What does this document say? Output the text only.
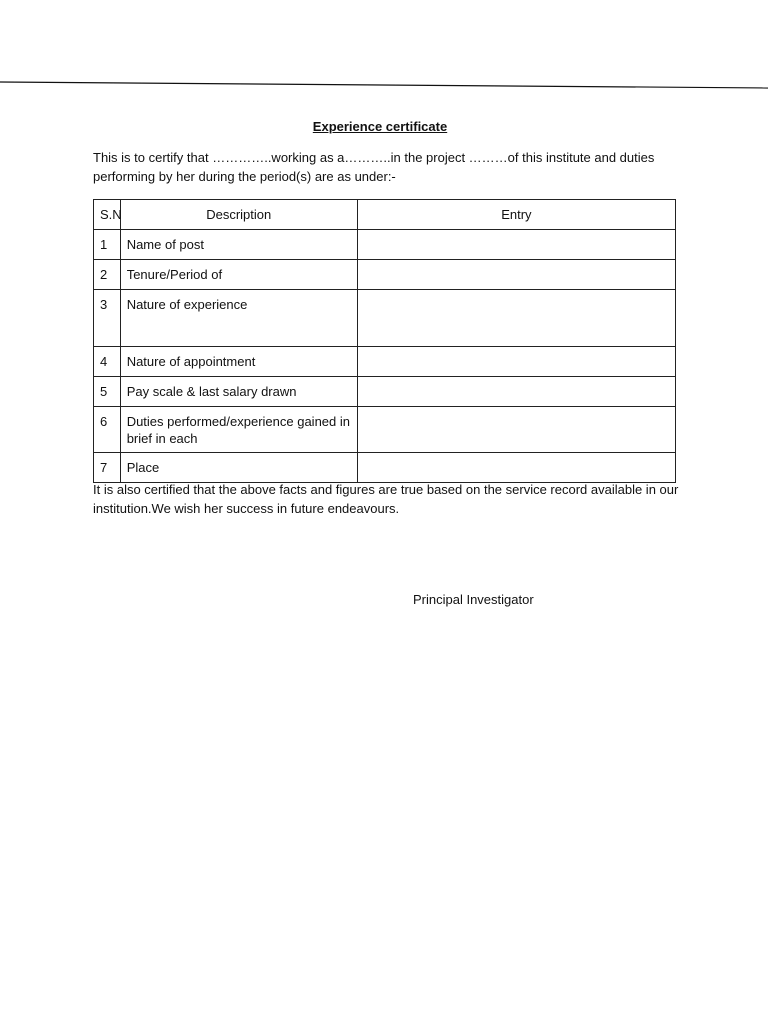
Experience certificate
This is to certify that …………..working as a………..in the project ………of this institute and duties performing by her during the period(s) are as under:-
S.N	Description	Entry
1	Name of post	
2	Tenure/Period of	
3	Nature of experience	
4	Nature of appointment	
5	Pay scale & last salary drawn	
6	Duties performed/experience gained in brief in each	
7	Place	
It is also certified that the above facts and figures are true based on the service record available in our institution.We wish her success in future endeavours.
Principal Investigator
